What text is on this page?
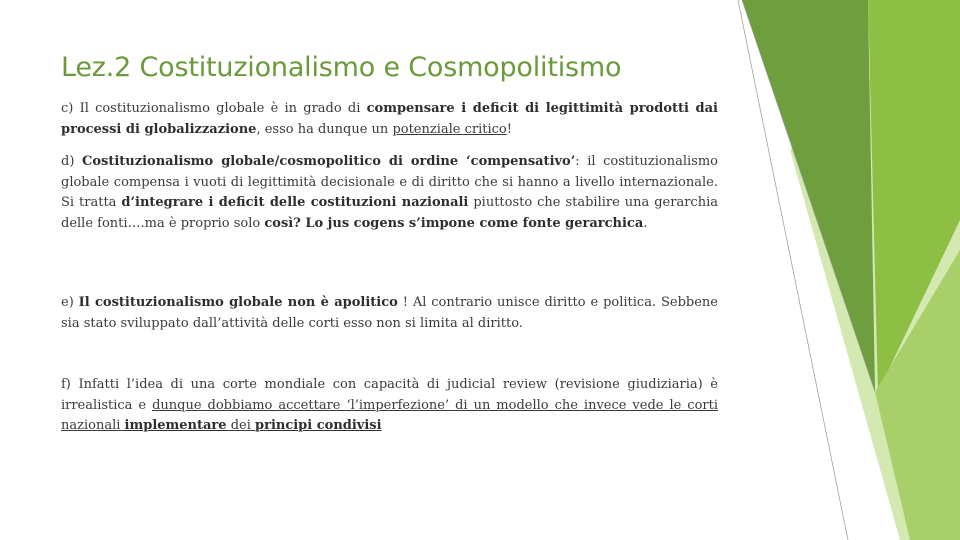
Lez.2 Costituzionalismo e Cosmopolitismo

c) Il costituzionalismo globale è in grado di compensare i deficit di legittimità prodotti dai processi di globalizzazione, esso ha dunque un potenziale critico!

d) Costituzionalismo globale/cosmopolitico di ordine ‘compensativo’: il costituzionalismo globale compensa i vuoti di legittimità decisionale e di diritto che si hanno a livello internazionale. Si tratta d’integrare i deficit delle costituzioni nazionali piuttosto che stabilire una gerarchia delle fonti….ma è proprio solo così? Lo jus cogens s’impone come fonte gerarchica.

e) Il costituzionalismo globale non è apolitico ! Al contrario unisce diritto e politica. Sebbene sia stato sviluppato dall’attività delle corti esso non si limita al diritto.

f) Infatti l’idea di una corte mondiale con capacità di judicial review (revisione giudiziaria) è irrealistica e dunque dobbiamo accettare ‘l’imperfezione’ di un modello che invece vede le corti nazionali implementare dei principi condivisi
